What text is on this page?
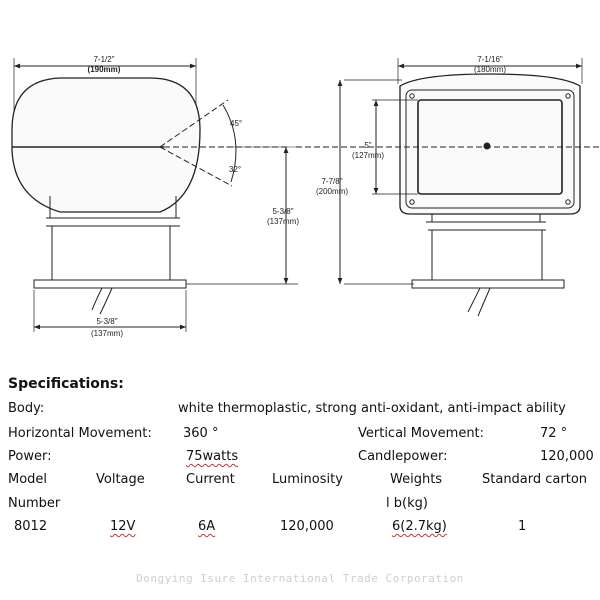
7-1/2"
(190mm)
45°
32°
5-3/8"
(137mm)
5-3/8"
(137mm)
7-1/16"
(180mm)
5"
(127mm)
7-7/8"
(200mm)
Specifications:
Body:	white thermoplastic, strong anti-oxidant, anti-impact ability
Horizontal Movement: 360 °	Vertical Movement:	72 °
Power:	75watts	Candlepower:	120,000
Model	Voltage	Current	Luminosity	Weights	Standard carton
Number	l b(kg)
8012	12V	6A	120,000	6(2.7kg)	1
Dongying Isure International Trade Corporation
